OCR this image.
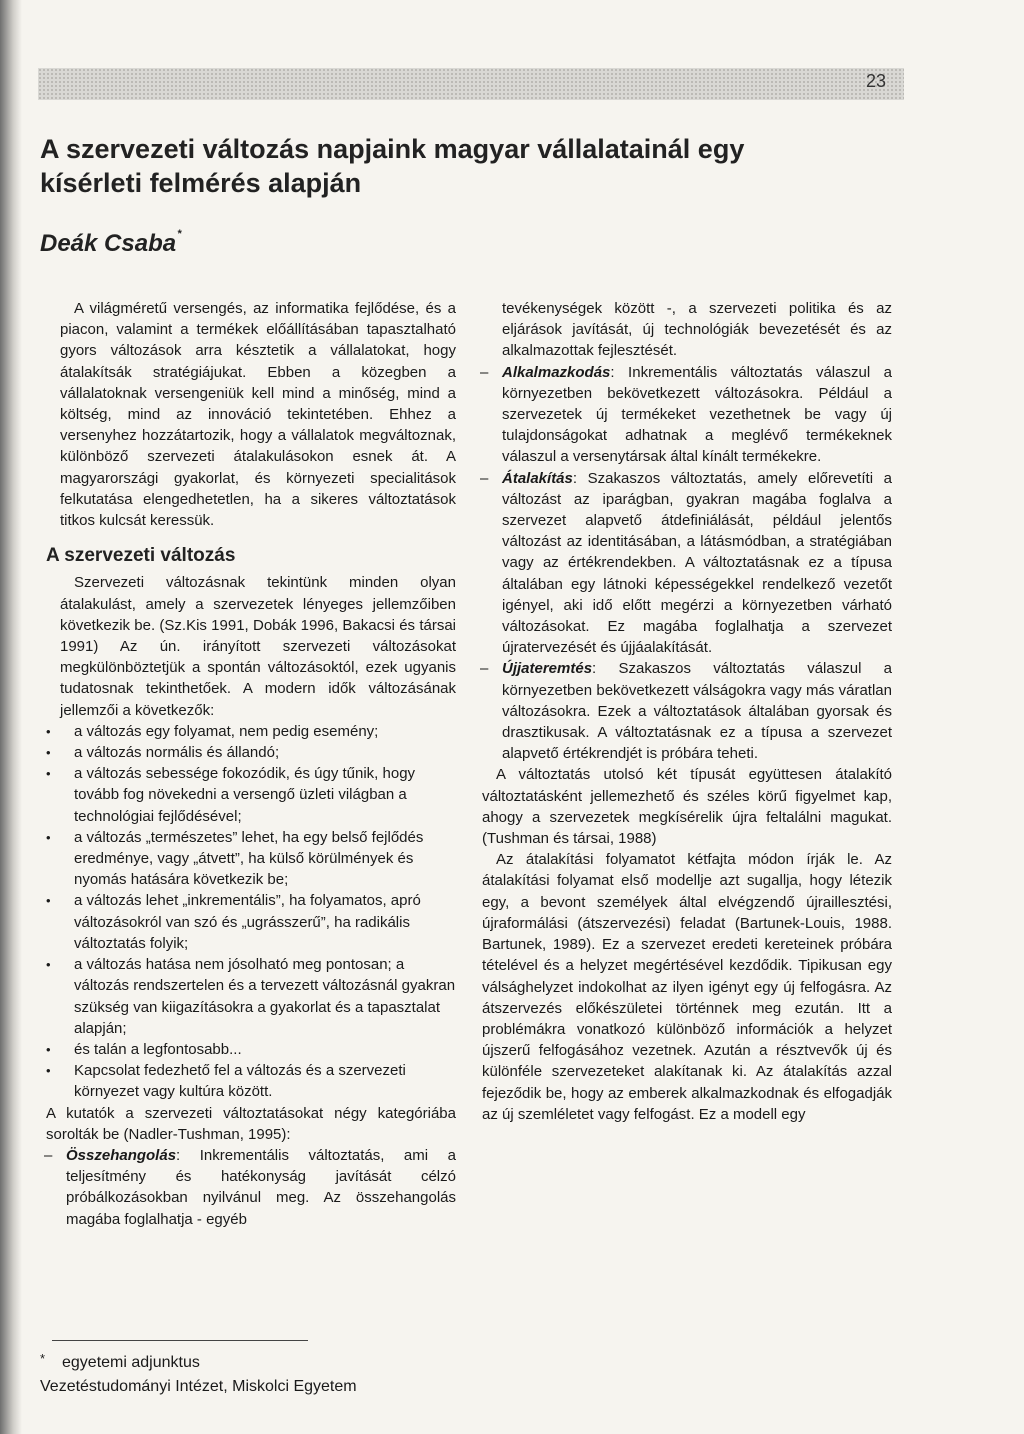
23
A szervezeti változás napjaink magyar vállalatainál egy kísérleti felmérés alapján
Deák Csaba*

A világméretű versengés, az informatika fejlődése, és a piacon, valamint a termékek előállításában tapasztalható gyors változások arra késztetik a vállalatokat, hogy átalakítsák stratégiájukat. Ebben a közegben a vállalatoknak versengeniük kell mind a minőség, mind a költség, mind az innováció tekintetében. Ehhez a versenyhez hozzátartozik, hogy a vállalatok megváltoznak, különböző szervezeti átalakulásokon esnek át. A magyarországi gyakorlat, és környezeti specialitások felkutatása elengedhetetlen, ha a sikeres változtatások titkos kulcsát keressük.

A szervezeti változás

Szervezeti változásnak tekintünk minden olyan átalakulást, amely a szervezetek lényeges jellemzőiben következik be. (Sz.Kis 1991, Dobák 1996, Bakacsi és társai 1991) Az ún. irányított szervezeti változásokat megkülönböztetjük a spontán változásoktól, ezek ugyanis tudatosnak tekinthetőek. A modern idők változásának jellemzői a következők:

• a változás egy folyamat, nem pedig esemény;
• a változás normális és állandó;
• a változás sebessége fokozódik, és úgy tűnik, hogy tovább fog növekedni a versengő üzleti világban a technológiai fejlődésével;
• a változás „természetes” lehet, ha egy belső fejlődés eredménye, vagy „átvett”, ha külső körülmények és nyomás hatására következik be;
• a változás lehet „inkrementális”, ha folyamatos, apró változásokról van szó és „ugrásszerű”, ha radikális változtatás folyik;
• a változás hatása nem jósolható meg pontosan; a változás rendszertelen és a tervezett változásnál gyakran szükség van kiigazításokra a gyakorlat és a tapasztalat alapján;
• és talán a legfontosabb...
• Kapcsolat fedezhető fel a változás és a szervezeti környezet vagy kultúra között.

A kutatók a szervezeti változtatásokat négy kategóriába sorolták be (Nadler-Tushman, 1995):

– Összehangolás: Inkrementális változtatás, ami a teljesítmény és hatékonyság javítását célzó próbálkozásokban nyilvánul meg. Az összehangolás magába foglalhatja - egyéb

tevékenységek között -, a szervezeti politika és az eljárások javítását, új technológiák bevezetését és az alkalmazottak fejlesztését.

– Alkalmazkodás: Inkrementális változtatás válaszul a környezetben bekövetkezett változásokra. Például a szervezetek új termékeket vezethetnek be vagy új tulajdonságokat adhatnak a meglévő termékeknek válaszul a versenytársak által kínált termékekre.
– Átalakítás: Szakaszos változtatás, amely előrevetíti a változást az iparágban, gyakran magába foglalva a szervezet alapvető átdefiniálását, például jelentős változást az identitásában, a látásmódban, a stratégiában vagy az értékrendekben. A változtatásnak ez a típusa általában egy látnoki képességekkel rendelkező vezetőt igényel, aki idő előtt megérzi a környezetben várható változásokat. Ez magába foglalhatja a szervezet újratervezését és újjáalakítását.
– Újjateremtés: Szakaszos változtatás válaszul a környezetben bekövetkezett válságokra vagy más váratlan változásokra. Ezek a változtatások általában gyorsak és drasztikusak. A változtatásnak ez a típusa a szervezet alapvető értékrendjét is próbára teheti.

A változtatás utolsó két típusát együttesen átalakító változtatásként jellemezhető és széles körű figyelmet kap, ahogy a szervezetek megkísérelik újra feltalálni magukat. (Tushman és társai, 1988)

Az átalakítási folyamatot kétfajta módon írják le. Az átalakítási folyamat első modellje azt sugallja, hogy létezik egy, a bevont személyek által elvégzendő újraillesztési, újraformálási (átszervezési) feladat (Bartunek-Louis, 1988. Bartunek, 1989). Ez a szervezet eredeti kereteinek próbára tételével és a helyzet megértésével kezdődik. Tipikusan egy válsághelyzet indokolhat az ilyen igényt egy új felfogásra. Az átszervezés előkészületei történnek meg ezután. Itt a problémákra vonatkozó különböző információk a helyzet újszerű felfogásához vezetnek. Azután a résztvevők új és különféle szervezeteket alakítanak ki. Az átalakítás azzal fejeződik be, hogy az emberek alkalmazkodnak és elfogadják az új szemléletet vagy felfogást. Ez a modell egy

*	egyetemi adjunktus
Vezetéstudományi Intézet, Miskolci Egyetem
